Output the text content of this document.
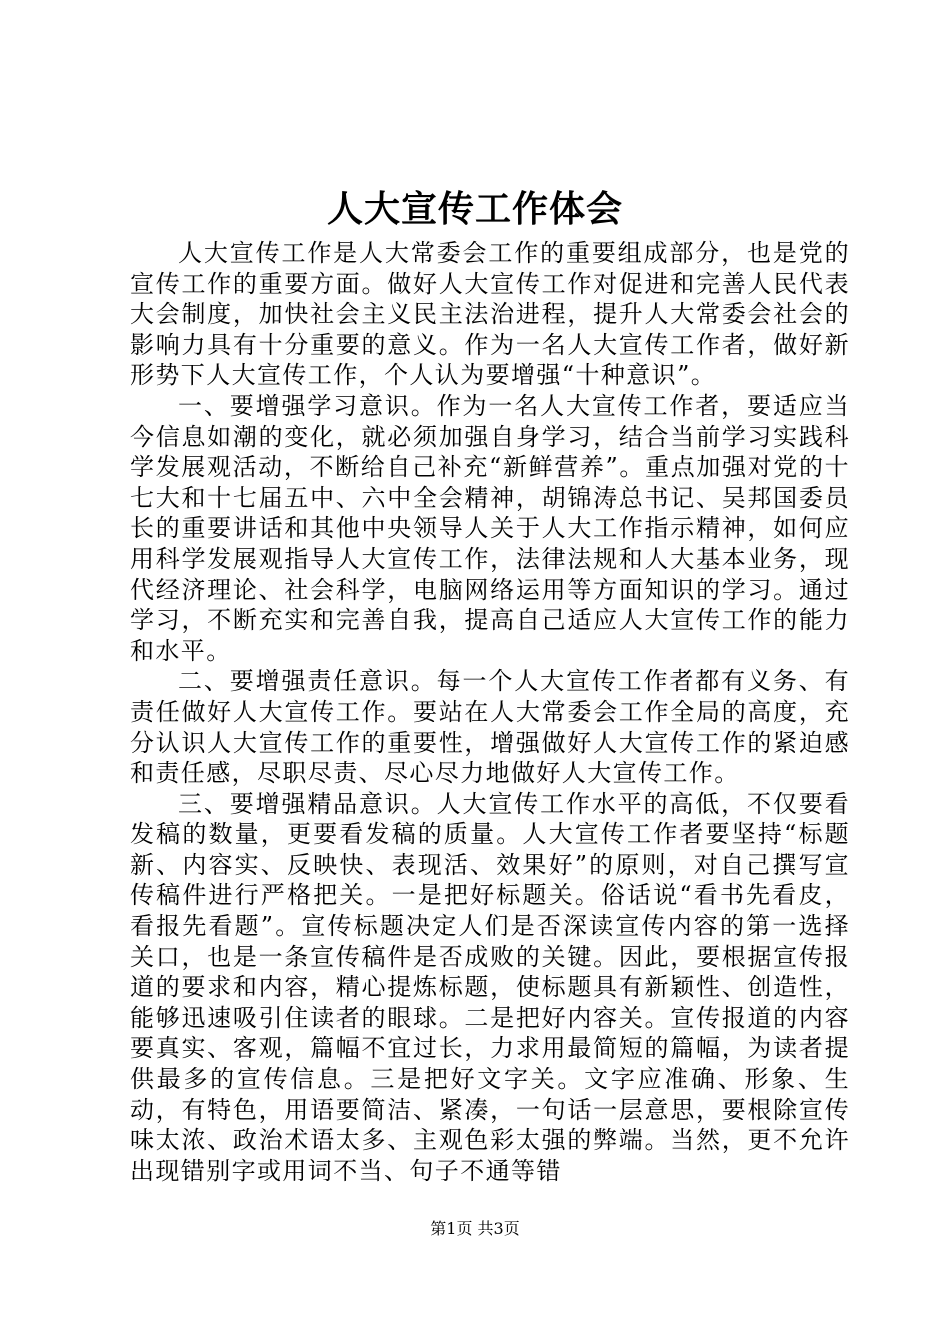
人大宣传工作体会

人大宣传工作是人大常委会工作的重要组成部分，也是党的宣传工作的重要方面。做好人大宣传工作对促进和完善人民代表大会制度，加快社会主义民主法治进程，提升人大常委会社会的影响力具有十分重要的意义。作为一名人大宣传工作者，做好新形势下人大宣传工作，个人认为要增强“十种意识”。

一、要增强学习意识。作为一名人大宣传工作者，要适应当今信息如潮的变化，就必须加强自身学习，结合当前学习实践科学发展观活动，不断给自己补充“新鲜营养”。重点加强对党的十七大和十七届五中、六中全会精神，胡锦涛总书记、吴邦国委员长的重要讲话和其他中央领导人关于人大工作指示精神，如何应用科学发展观指导人大宣传工作，法律法规和人大基本业务，现代经济理论、社会科学，电脑网络运用等方面知识的学习。通过学习，不断充实和完善自我，提高自己适应人大宣传工作的能力和水平。

二、要增强责任意识。每一个人大宣传工作者都有义务、有责任做好人大宣传工作。要站在人大常委会工作全局的高度，充分认识人大宣传工作的重要性，增强做好人大宣传工作的紧迫感和责任感，尽职尽责、尽心尽力地做好人大宣传工作。

三、要增强精品意识。人大宣传工作水平的高低，不仅要看发稿的数量，更要看发稿的质量。人大宣传工作者要坚持“标题新、内容实、反映快、表现活、效果好”的原则，对自己撰写宣传稿件进行严格把关。一是把好标题关。俗话说“看书先看皮，看报先看题”。宣传标题决定人们是否深读宣传内容的第一选择关口，也是一条宣传稿件是否成败的关键。因此，要根据宣传报道的要求和内容，精心提炼标题，使标题具有新颖性、创造性，能够迅速吸引住读者的眼球。二是把好内容关。宣传报道的内容要真实、客观，篇幅不宜过长，力求用最简短的篇幅，为读者提供最多的宣传信息。三是把好文字关。文字应准确、形象、生动，有特色，用语要简洁、紧凑，一句话一层意思，要根除宣传味太浓、政治术语太多、主观色彩太强的弊端。当然，更不允许出现错别字或用词不当、句子不通等错

第1页 共3页
